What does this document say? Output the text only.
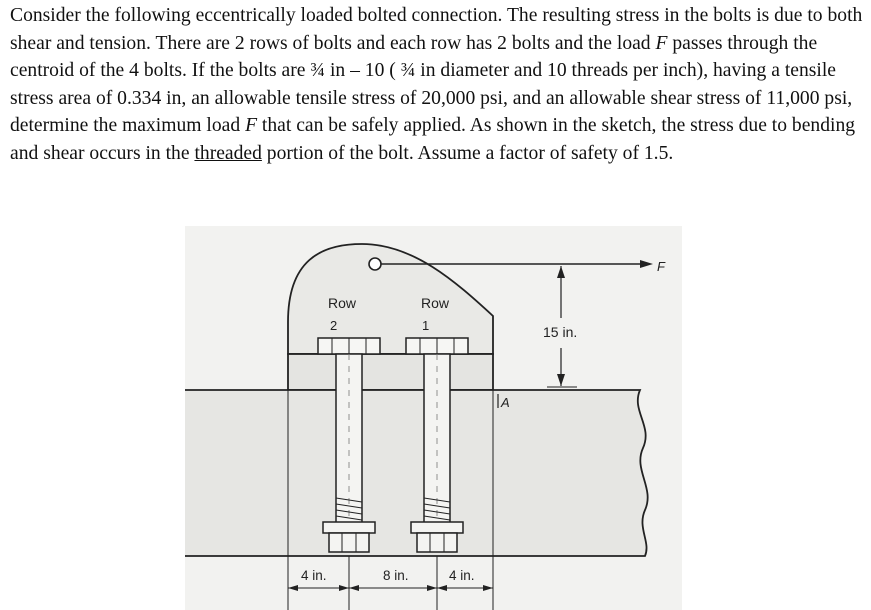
Consider the following eccentrically loaded bolted connection. The resulting stress in the bolts is due to both shear and tension. There are 2 rows of bolts and each row has 2 bolts and the load F passes through the centroid of the 4 bolts. If the bolts are ¾ in – 10 ( ¾ in diameter and 10 threads per inch), having a tensile stress area of 0.334 in, an allowable tensile stress of 20,000 psi, and an allowable shear stress of 11,000 psi, determine the maximum load F that can be safely applied. As shown in the sketch, the stress due to bending and shear occurs in the threaded portion of the bolt. Assume a factor of safety of 1.5.

F
Row
2
Row
1	15 in.
A
4 in.	8 in.	4 in.
